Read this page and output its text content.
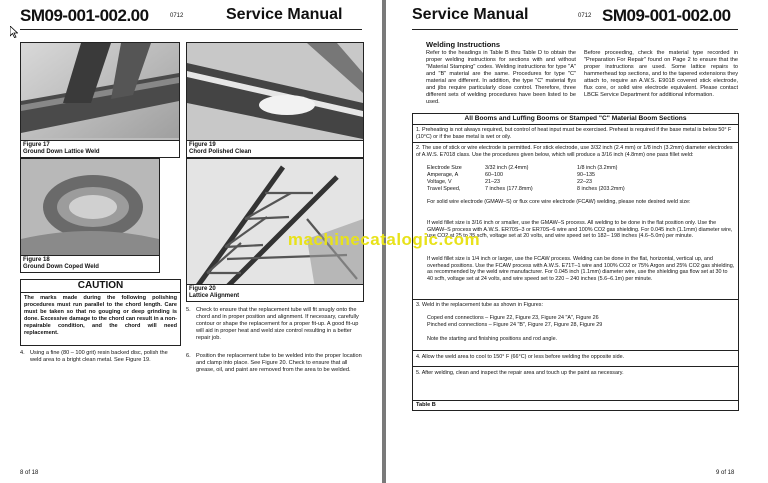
SM09-001-002.00	0712	Service Manual
Figure 17
Ground Down Lattice Weld
Figure 18
Ground Down Coped Weld
Figure 19
Chord Polished Clean
Figure 20
Lattice Alignment
CAUTION
The marks made during the following polishing procedures must run parallel to the chord length. Care must be taken so that no gouging or deep grinding is done. Excessive damage to the chord can result in a non-repairable condition, and the chord will need replacement.
4. Using a fine (80 – 100 grit) resin backed disc, polish the weld area to a bright clean metal. See Figure 19.
5. Check to ensure that the replacement tube will fit snugly onto the chord and in proper position and alignment. If necessary, carefully contour or shape the replacement for a proper fit-up. A good fit-up will aid in proper heat and weld size control resulting in a better repair job.
6. Position the replacement tube to be welded into the proper location and clamp into place. See Figure 20. Check to ensure that all grease, oil, and paint are removed from the area to be welded.
8 of 18
Service Manual	0712 SM09-001-002.00
Welding Instructions
Refer to the headings in Table B thru Table D to obtain the proper welding instructions for sections with and without "Material Stamping" codes. Welding instructions for type "A" and "B" material are the same. Procedures for type "C" material are different. In addition, the type "C" material flys and jibs require particularly close control. Therefore, three different sets of welding procedures have been listed to be used.
Before proceeding, check the material type recorded in "Preparation For Repair" found on Page 2 to ensure that the proper instructions are used. Some lattice repairs to hammerhead top sections, and to the tapered extensions they attach to, require an A.W.S. E9018 covered stick electrode, flux core, or solid wire electrode equivalent. Please contact LBCE Service Department for additional information.
All Booms and Luffing Booms or Stamped "C" Material Boom Sections
1. Preheating is not always required, but control of heat input must be exercised. Preheat is required if the base metal is below 50° F (10°C) or if the base metal is wet or oily.
2. The use of stick or wire electrode is permitted. For stick electrode, use 3/32 inch (2.4 mm) or 1/8 inch (3.2mm) diameter electrodes of A.W.S. E7018 class. Use the procedures given below, which will produce a 3/16 inch (4.8mm) one pass fillet weld:
Electrode Size	3/32 inch (2.4mm)	1/8 inch (3.2mm)
Amperage, A	60–100	90–135
Voltage, V	21–23	22–23
Travel Speed,	7 inches (177.8mm)	8 inches (203.2mm)
For solid wire electrode (GMAW–S) or flux core wire electrode (FCAW) welding, please note desired weld size:
If weld fillet size is 3/16 inch or smaller, use the GMAW–S process. All welding to be done in the flat position only. Use the GMAW–S process with A.W.S. ER70S–3 or ER70S–6 wire and 100% CO2 gas shielding. For 0.045 inch (1.1mm) diameter wire, use CO2 at 25 to 35 scfh, voltage set at 20 volts, and wire speed set to 182– 198 inches (4.6–5.0m) per minute.
If weld fillet size is 1/4 inch or larger, use the FCAW process. Welding can be done in the flat, horizontal, vertical up, and overhead positions. Use the FCAW process with A.W.S. E71T–1 wire and 100% CO2 or 75% Argon and 25% CO2 gas shielding, as recommended by the weld wire manufacturer. For 0.045 inch (1.1mm) diameter wire, use the shielding gas flow set at 30 to 40 scfh, voltage set at 24 volts, and wire speed set to 220 – 240 inches (5.6–6.1m) per minute.
3. Weld in the replacement tube as shown in Figures:
Coped end connections – Figure 22, Figure 23, Figure 24 "A", Figure 26
Pinched end connections – Figure 24 "B", Figure 27, Figure 28, Figure 29
Note the starting and finishing positions and rod angle.
4. Allow the weld area to cool to 150° F (66°C) or less before welding the opposite side.
5. After welding, clean and inspect the repair area and touch up the paint as necessary.
Table B
9 of 18
machinecatalogic.com
